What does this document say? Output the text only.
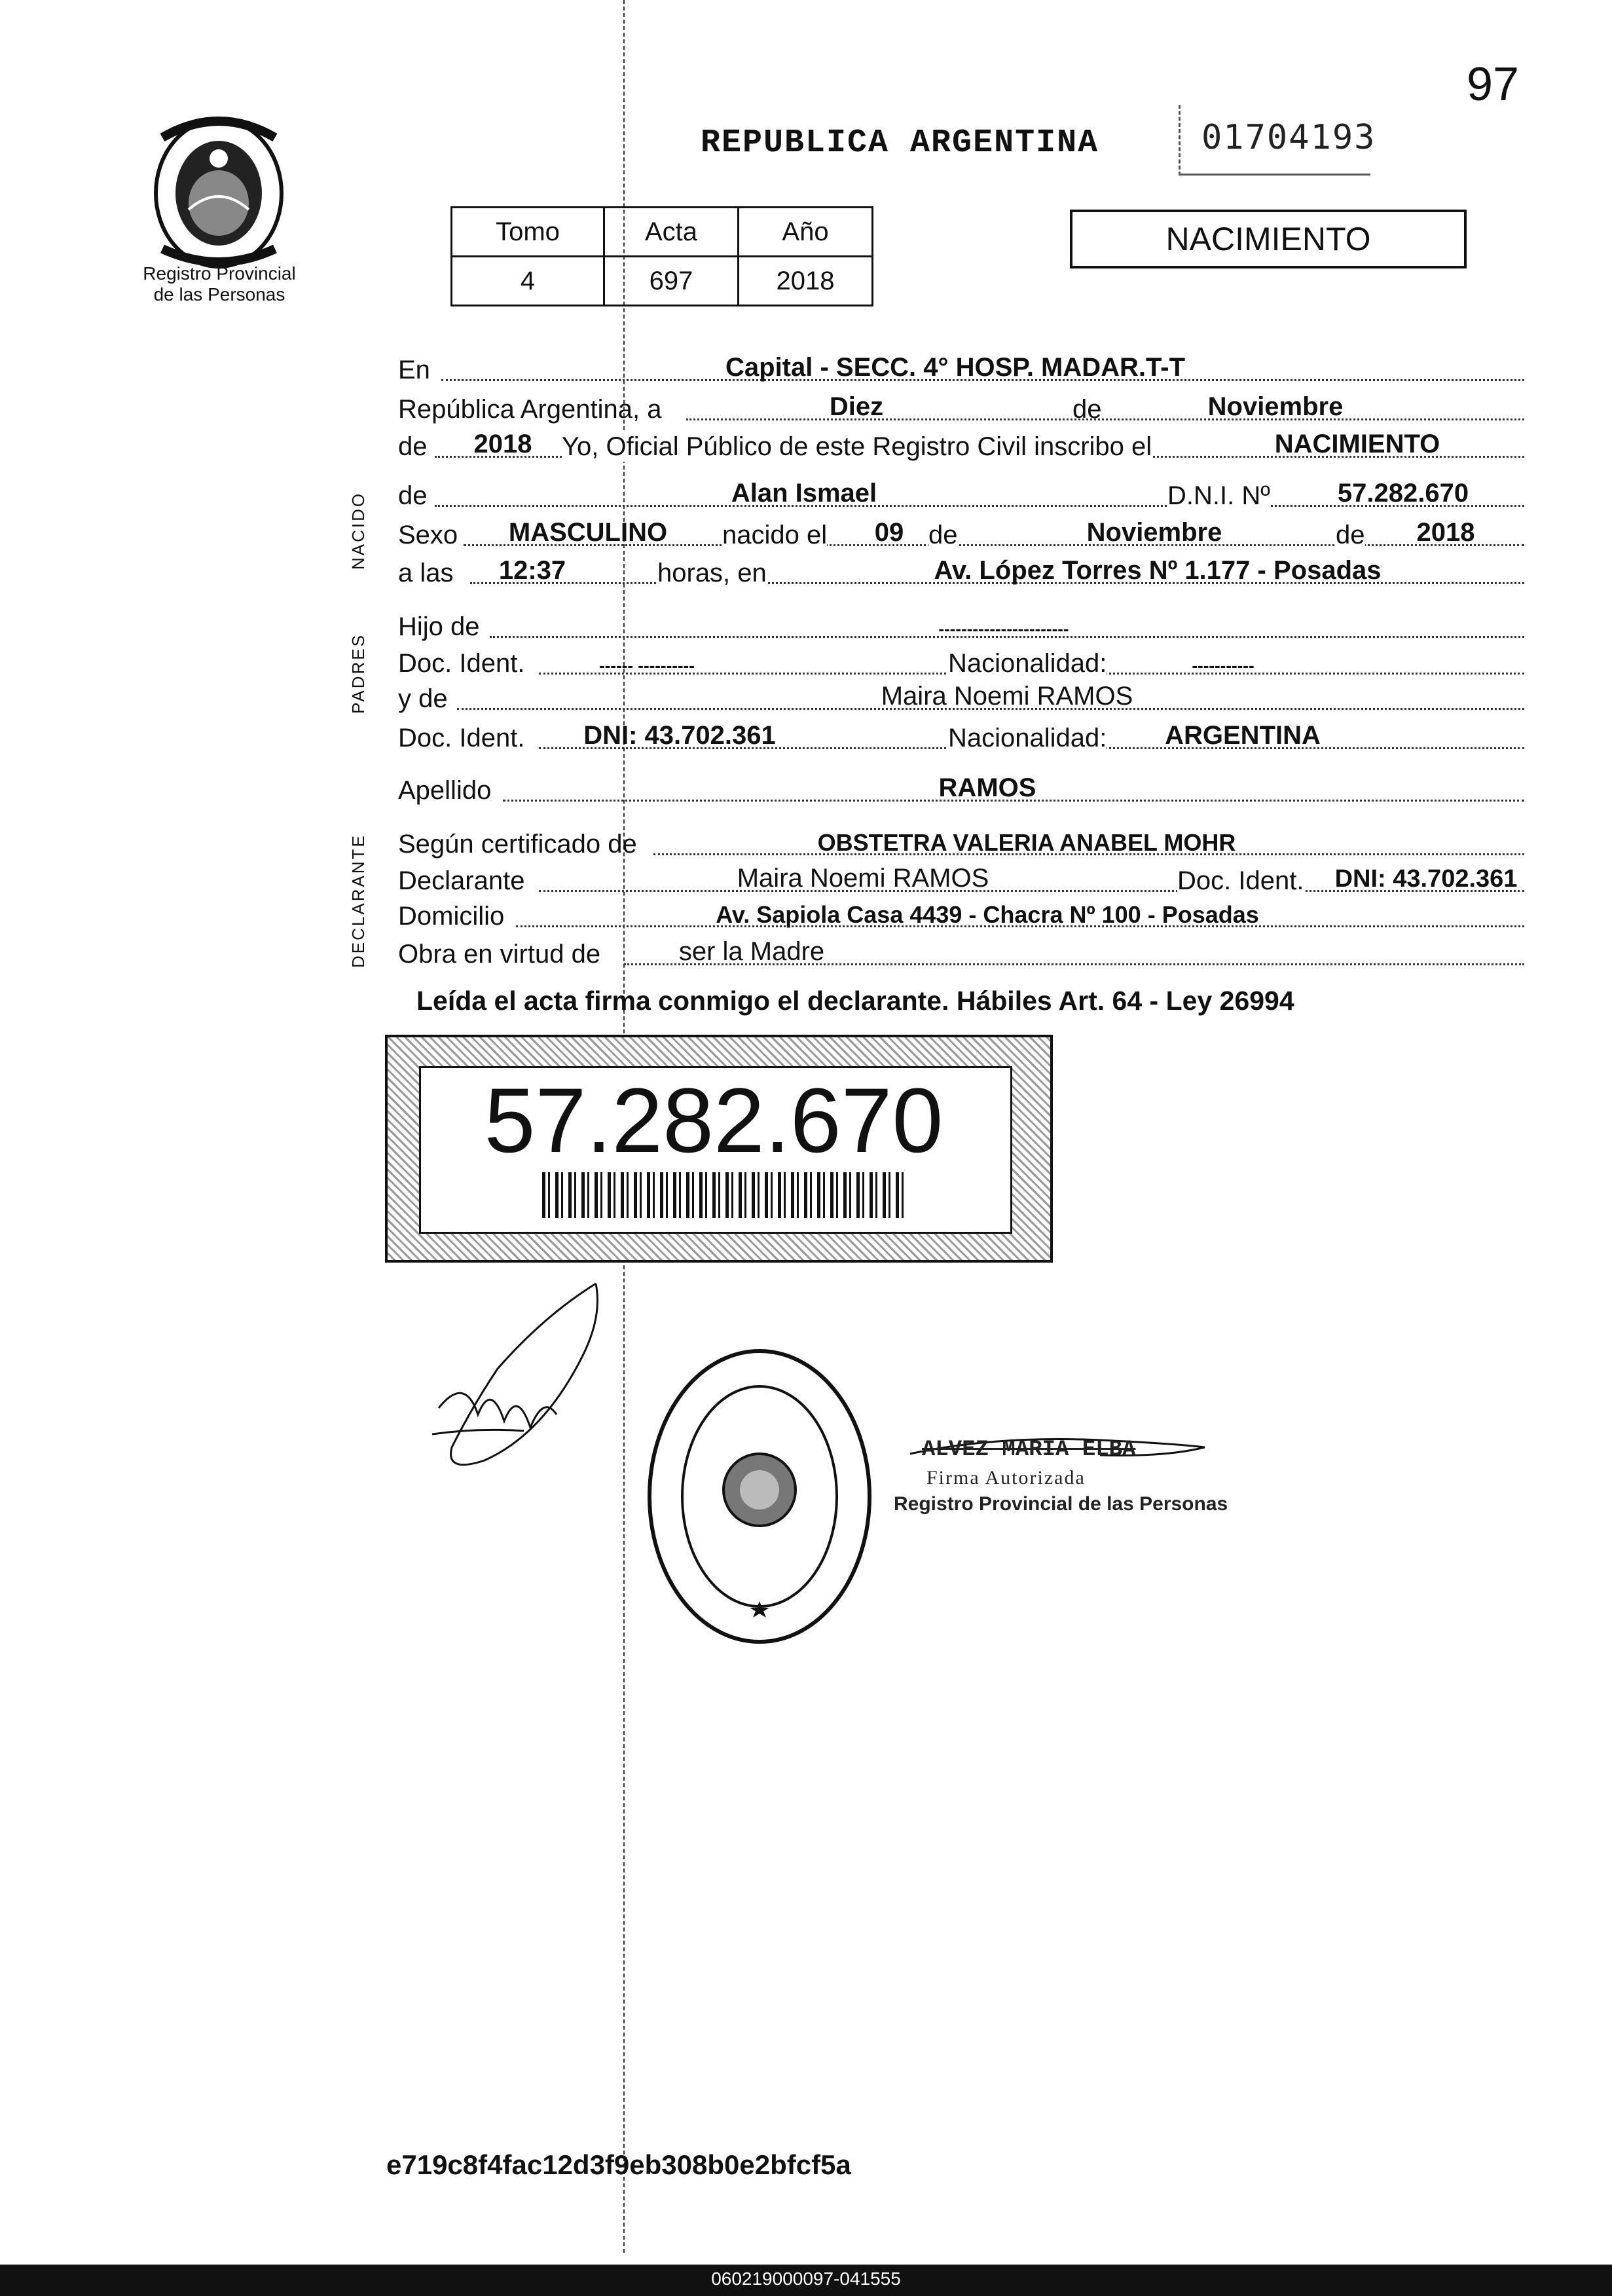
97
Registro Provincial
de las Personas
REPUBLICA ARGENTINA	01704193
Tomo	Acta	Año
4	697	2018
NACIMIENTO
NACIDO
PADRES
DECLARANTE
En	Capital - SECC. 4° HOSP. MADAR.T-T
República Argentina, a	Diez	de	Noviembre
de	2018	Yo, Oficial Público de este Registro Civil inscribo el	NACIMIENTO
de	Alan Ismael	D.N.I. Nº	57.282.670
Sexo	MASCULINO	nacido el	09 de	Noviembre	de	2018
a las	12:37	horas, en	Av. López Torres Nº 1.177 - Posadas
Hijo de	-----------------------
Doc. Ident.	------ ----------	Nacionalidad:	-----------
y de	Maira Noemi RAMOS
Doc. Ident.	DNI: 43.702.361	Nacionalidad:	ARGENTINA
Apellido	RAMOS
Según certificado de	OBSTETRA VALERIA ANABEL MOHR
Declarante	Maira Noemi RAMOS	Doc. Ident.	DNI: 43.702.361
Domicilio	Av. Sapiola Casa 4439 - Chacra Nº 100 - Posadas
Obra en virtud de	ser la Madre
Leída el acta firma conmigo el declarante. Hábiles Art. 64 - Ley 26994
57.282.670
ALVEZ MARIA ELBA
Firma Autorizada
Registro Provincial de las Personas
e719c8f4fac12d3f9eb308b0e2bfcf5a
060219000097-041555
